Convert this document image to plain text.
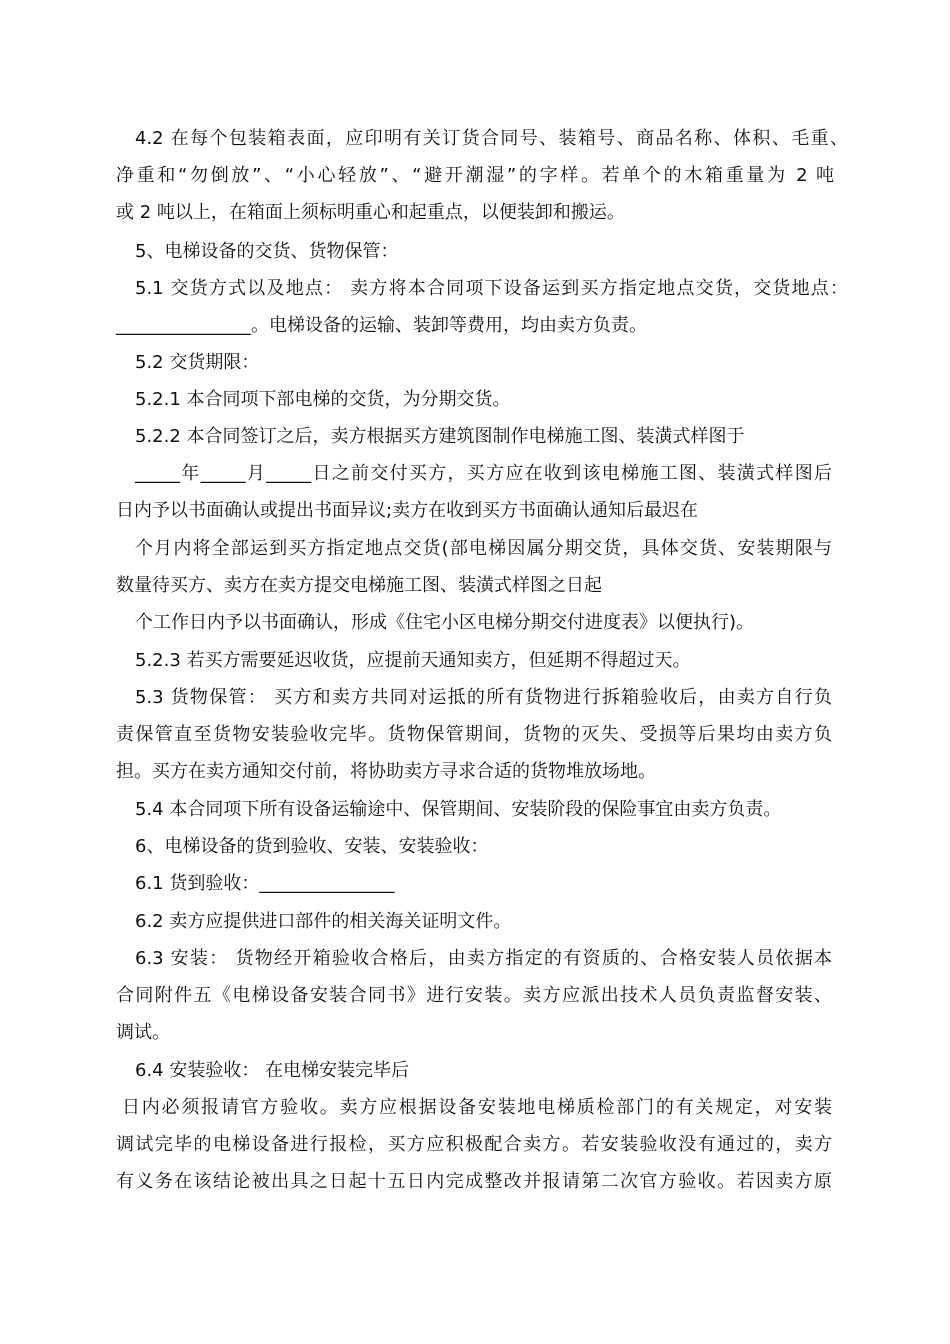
4.2 在每个包装箱表面，应印明有关订货合同号、装箱号、商品名称、体积、毛重、
净重和“勿倒放”、“小心轻放”、“避开潮湿”的字样。若单个的木箱重量为 2 吨
或 2 吨以上，在箱面上须标明重心和起重点，以便装卸和搬运。
5、电梯设备的交货、货物保管：
5.1 交货方式以及地点： 卖方将本合同项下设备运到买方指定地点交货，交货地点：
_______________。电梯设备的运输、装卸等费用，均由卖方负责。
5.2 交货期限：
5.2.1 本合同项下部电梯的交货，为分期交货。
5.2.2 本合同签订之后，卖方根据买方建筑图制作电梯施工图、装潢式样图于
_____年_____月_____日之前交付买方，买方应在收到该电梯施工图、装潢式样图后
日内予以书面确认或提出书面异议;卖方在收到买方书面确认通知后最迟在
个月内将全部运到买方指定地点交货(部电梯因属分期交货，具体交货、安装期限与
数量待买方、卖方在卖方提交电梯施工图、装潢式样图之日起
个工作日内予以书面确认，形成《住宅小区电梯分期交付进度表》以便执行)。
5.2.3 若买方需要延迟收货，应提前天通知卖方，但延期不得超过天。
5.3 货物保管： 买方和卖方共同对运抵的所有货物进行拆箱验收后，由卖方自行负
责保管直至货物安装验收完毕。货物保管期间，货物的灭失、受损等后果均由卖方负
担。买方在卖方通知交付前，将协助卖方寻求合适的货物堆放场地。
5.4 本合同项下所有设备运输途中、保管期间、安装阶段的保险事宜由卖方负责。
6、电梯设备的货到验收、安装、安装验收：
6.1 货到验收：_______________
6.2 卖方应提供进口部件的相关海关证明文件。
6.3 安装： 货物经开箱验收合格后，由卖方指定的有资质的、合格安装人员依据本
合同附件五《电梯设备安装合同书》进行安装。卖方应派出技术人员负责监督安装、
调试。
6.4 安装验收： 在电梯安装完毕后
日内必须报请官方验收。卖方应根据设备安装地电梯质检部门的有关规定，对安装
调试完毕的电梯设备进行报检，买方应积极配合卖方。若安装验收没有通过的，卖方
有义务在该结论被出具之日起十五日内完成整改并报请第二次官方验收。若因卖方原
